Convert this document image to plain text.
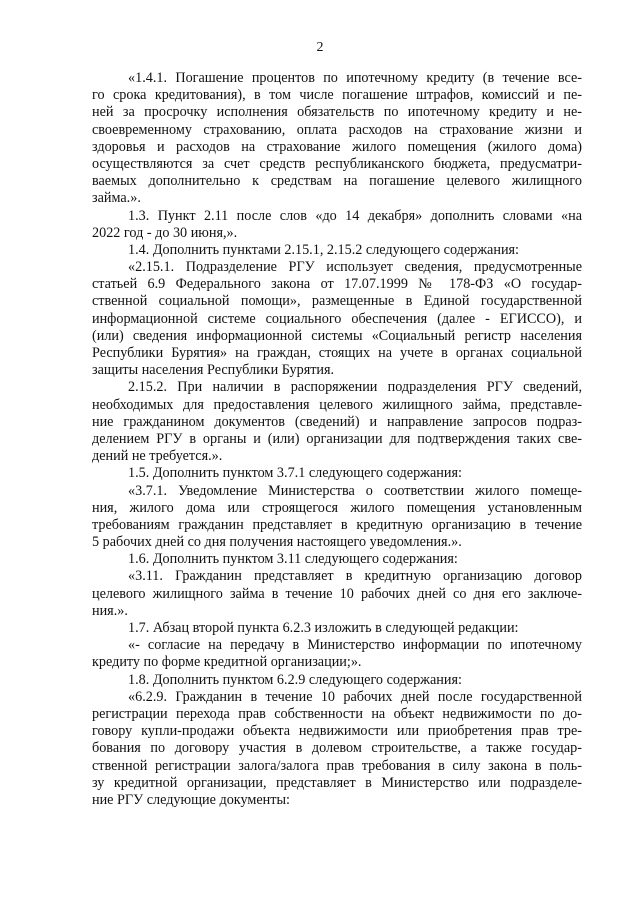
2
«1.4.1. Погашение процентов по ипотечному кредиту (в течение все-
го срока кредитования), в том числе погашение штрафов, комиссий и пе-
ней за просрочку исполнения обязательств по ипотечному кредиту и не-
своевременному страхованию, оплата расходов на страхование жизни и
здоровья и расходов на страхование жилого помещения (жилого дома)
осуществляются за счет средств республиканского бюджета, предусматри-
ваемых дополнительно к средствам на погашение целевого жилищного
займа.».
1.3. Пункт 2.11 после слов «до 14 декабря» дополнить словами «на
2022 год - до 30 июня,».
1.4. Дополнить пунктами 2.15.1, 2.15.2 следующего содержания:
«2.15.1. Подразделение РГУ использует сведения, предусмотренные
статьей 6.9 Федерального закона от 17.07.1999 № 178-ФЗ «О государ-
ственной социальной помощи», размещенные в Единой государственной
информационной системе социального обеспечения (далее - ЕГИССО), и
(или) сведения информационной системы «Социальный регистр населения
Республики Бурятия» на граждан, стоящих на учете в органах социальной
защиты населения Республики Бурятия.
2.15.2. При наличии в распоряжении подразделения РГУ сведений,
необходимых для предоставления целевого жилищного займа, представле-
ние гражданином документов (сведений) и направление запросов подраз-
делением РГУ в органы и (или) организации для подтверждения таких све-
дений не требуется.».
1.5. Дополнить пунктом 3.7.1 следующего содержания:
«3.7.1. Уведомление Министерства о соответствии жилого помеще-
ния, жилого дома или строящегося жилого помещения установленным
требованиям гражданин представляет в кредитную организацию в течение
5 рабочих дней со дня получения настоящего уведомления.».
1.6. Дополнить пунктом 3.11 следующего содержания:
«3.11. Гражданин представляет в кредитную организацию договор
целевого жилищного займа в течение 10 рабочих дней со дня его заключе-
ния.».
1.7. Абзац второй пункта 6.2.3 изложить в следующей редакции:
«- согласие на передачу в Министерство информации по ипотечному
кредиту по форме кредитной организации;».
1.8. Дополнить пунктом 6.2.9 следующего содержания:
«6.2.9. Гражданин в течение 10 рабочих дней после государственной
регистрации перехода прав собственности на объект недвижимости по до-
говору купли-продажи объекта недвижимости или приобретения прав тре-
бования по договору участия в долевом строительстве, а также государ-
ственной регистрации залога/залога прав требования в силу закона в поль-
зу кредитной организации, представляет в Министерство или подразделе-
ние РГУ следующие документы:
